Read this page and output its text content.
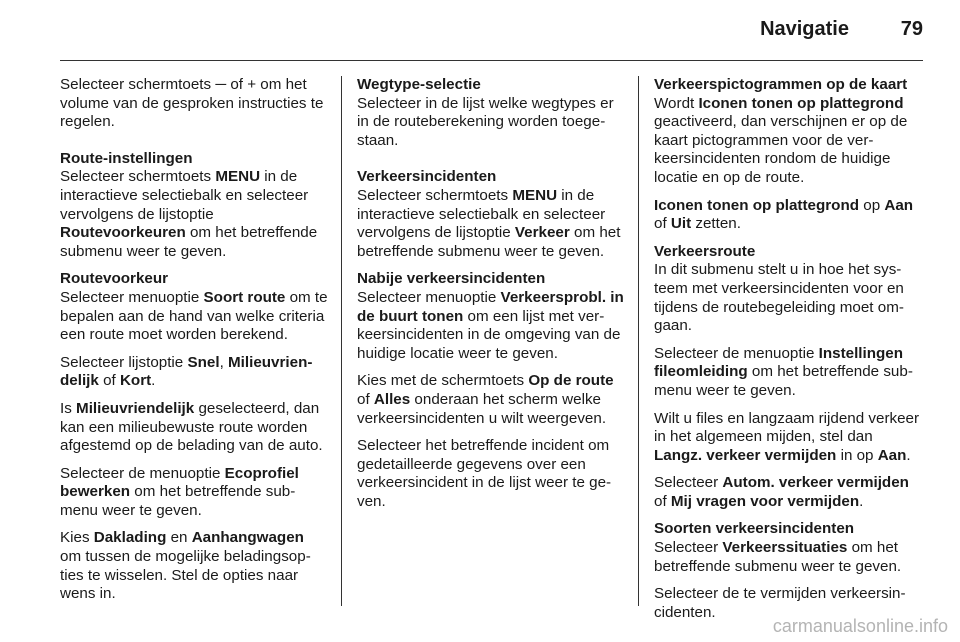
Navigatie	79

Selecteer schermtoets ─ of + om het volume van de gesproken instructies te regelen.

Route-instellingen
Selecteer schermtoets MENU in de interactieve selectiebalk en selecteer vervolgens de lijstoptie Routevoorkeuren om het betreffende submenu weer te geven.

Routevoorkeur
Selecteer menuoptie Soort route om te bepalen aan de hand van welke criteria een route moet worden berekend.

Selecteer lijstoptie Snel, Milieuvriendelijk of Kort.

Is Milieuvriendelijk geselecteerd, dan kan een milieubewuste route worden afgestemd op de belading van de auto.

Selecteer de menuoptie Ecoprofiel bewerken om het betreffende submenu weer te geven.

Kies Daklading en Aanhangwagen om tussen de mogelijke beladingsopties te wisselen. Stel de opties naar wens in.

Wegtype-selectie
Selecteer in de lijst welke wegtypes er in de routeberekening worden toegestaan.

Verkeersincidenten
Selecteer schermtoets MENU in de interactieve selectiebalk en selecteer vervolgens de lijstoptie Verkeer om het betreffende submenu weer te geven.

Nabije verkeersincidenten
Selecteer menuoptie Verkeersprobl. in de buurt tonen om een lijst met verkeersincidenten in de omgeving van de huidige locatie weer te geven.

Kies met de schermtoets Op de route of Alles onderaan het scherm welke verkeersincidenten u wilt weergeven.

Selecteer het betreffende incident om gedetailleerde gegevens over een verkeersincident in de lijst weer te geven.

Verkeerspictogrammen op de kaart
Wordt Iconen tonen op plattegrond geactiveerd, dan verschijnen er op de kaart pictogrammen voor de verkeersincidenten rondom de huidige locatie en op de route.

Iconen tonen op plattegrond op Aan of Uit zetten.

Verkeersroute
In dit submenu stelt u in hoe het systeem met verkeersincidenten voor en tijdens de routebegeleiding moet omgaan.

Selecteer de menuoptie Instellingen fileomleiding om het betreffende submenu weer te geven.

Wilt u files en langzaam rijdend verkeer in het algemeen mijden, stel dan Langz. verkeer vermijden in op Aan.

Selecteer Autom. verkeer vermijden of Mij vragen voor vermijden.

Soorten verkeersincidenten
Selecteer Verkeerssituaties om het betreffende submenu weer te geven.

Selecteer de te vermijden verkeersincidenten.

carmanualsonline.info
